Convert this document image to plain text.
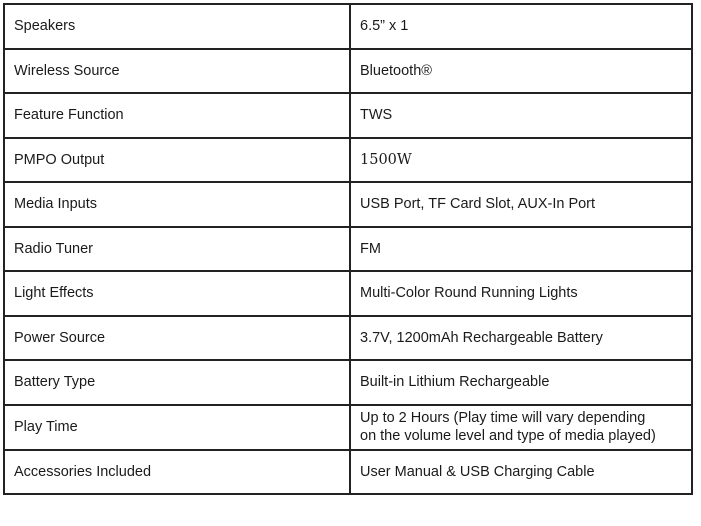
Speakers	6.5” x 1
Wireless Source	Bluetooth®
Feature Function	TWS
PMPO Output	1500W
Media Inputs	USB Port, TF Card Slot, AUX-In Port
Radio Tuner	FM
Light Effects	Multi-Color Round Running Lights
Power Source	3.7V, 1200mAh Rechargeable Battery
Battery Type	Built-in Lithium Rechargeable
Play Time	Up to 2 Hours (Play time will vary depending
on the volume level and type of media played)

Accessories Included	User Manual & USB Charging Cable
